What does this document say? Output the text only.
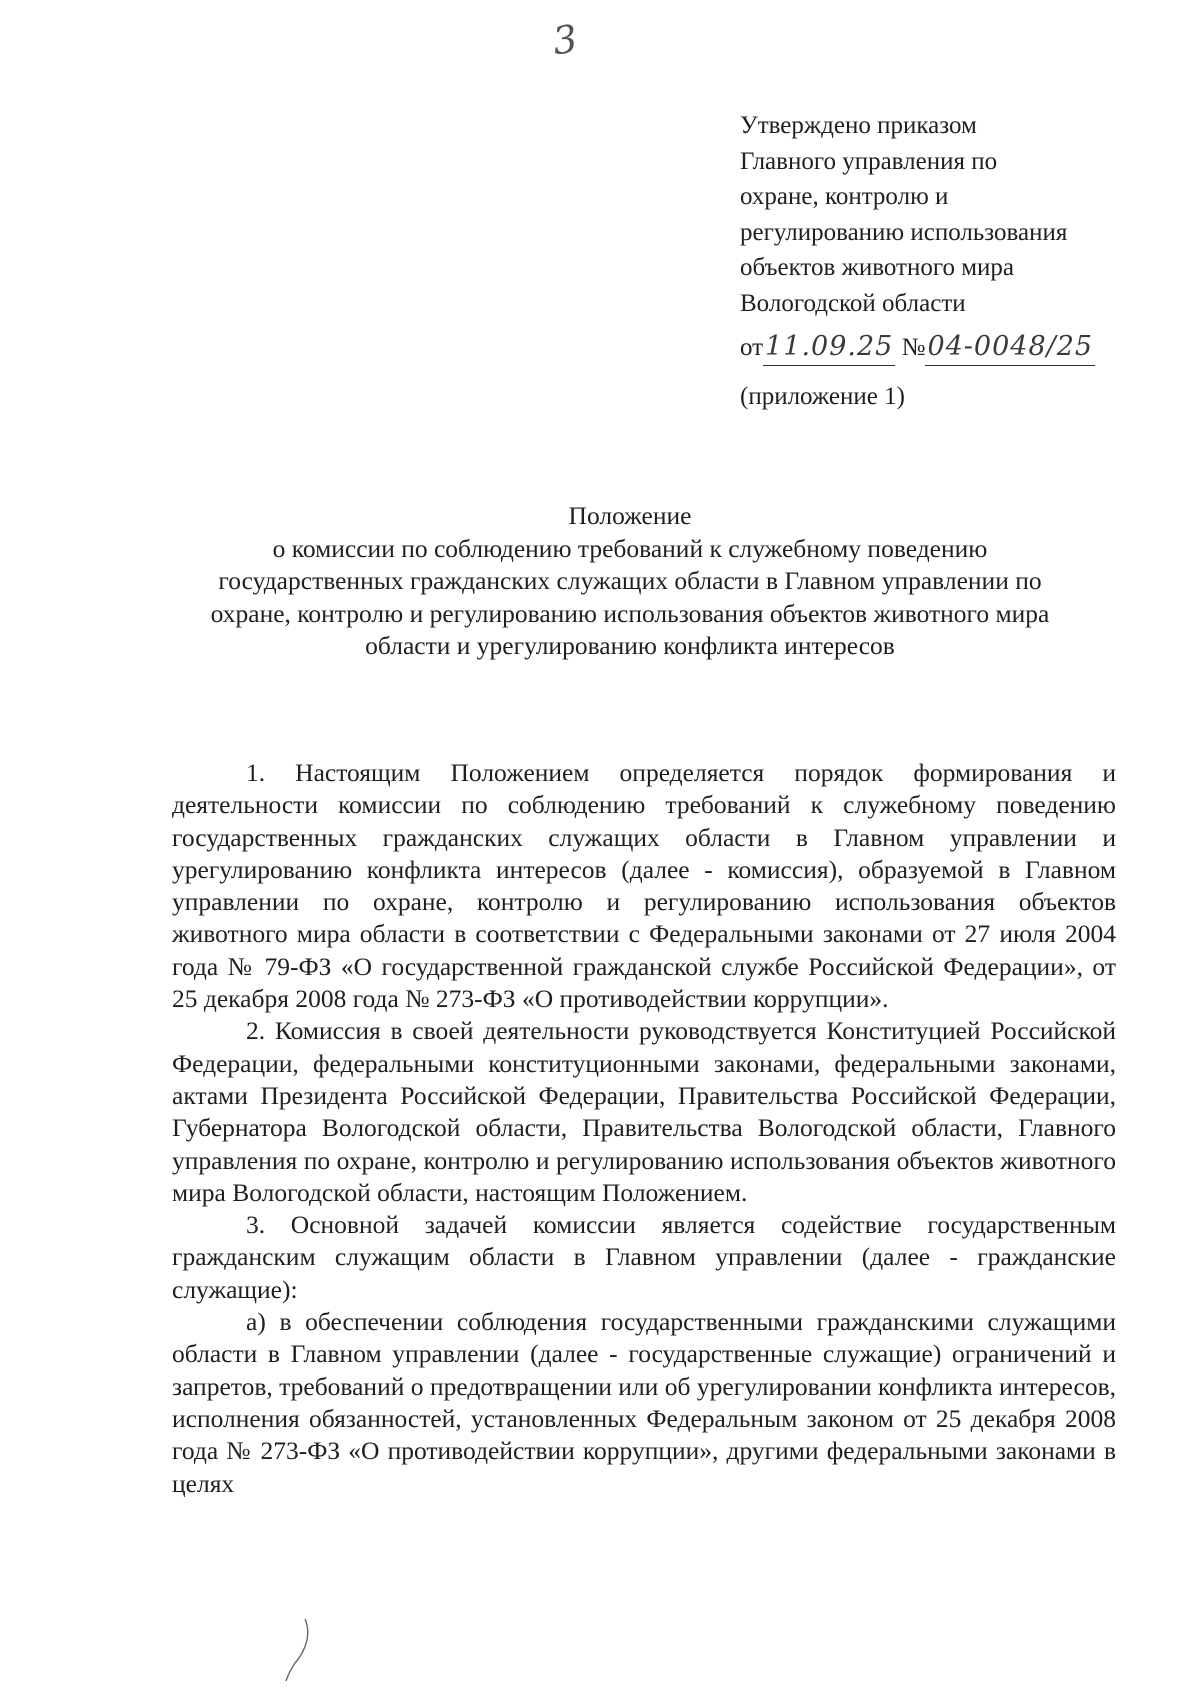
3
Утверждено приказом
Главного управления по
охране, контролю и
регулированию использования
объектов животного мира
Вологодской области
от11.09.25 №04-0048/25
(приложение 1)
Положение
о комиссии по соблюдению требований к служебному поведению
государственных гражданских служащих области в Главном управлении по
охране, контролю и регулированию использования объектов животного мира
области и урегулированию конфликта интересов

1. Настоящим Положением определяется порядок формирования и деятельности комиссии по соблюдению требований к служебному поведению государственных гражданских служащих области в Главном управлении и урегулированию конфликта интересов (далее - комиссия), образуемой в Главном управлении по охране, контролю и регулированию использования объектов животного мира области в соответствии с Федеральными законами от 27 июля 2004 года № 79-ФЗ «О государственной гражданской службе Российской Федерации», от 25 декабря 2008 года № 273-ФЗ «О противодействии коррупции».

2. Комиссия в своей деятельности руководствуется Конституцией Российской Федерации, федеральными конституционными законами, федеральными законами, актами Президента Российской Федерации, Правительства Российской Федерации, Губернатора Вологодской области, Правительства Вологодской области, Главного управления по охране, контролю и регулированию использования объектов животного мира Вологодской области, настоящим Положением.

3. Основной задачей комиссии является содействие государственным гражданским служащим области в Главном управлении (далее - гражданские служащие):

а) в обеспечении соблюдения государственными гражданскими служащими области в Главном управлении (далее - государственные служащие) ограничений и запретов, требований о предотвращении или об урегулировании конфликта интересов, исполнения обязанностей, установленных Федеральным законом от 25 декабря 2008 года № 273-ФЗ «О противодействии коррупции», другими федеральными законами в целях
